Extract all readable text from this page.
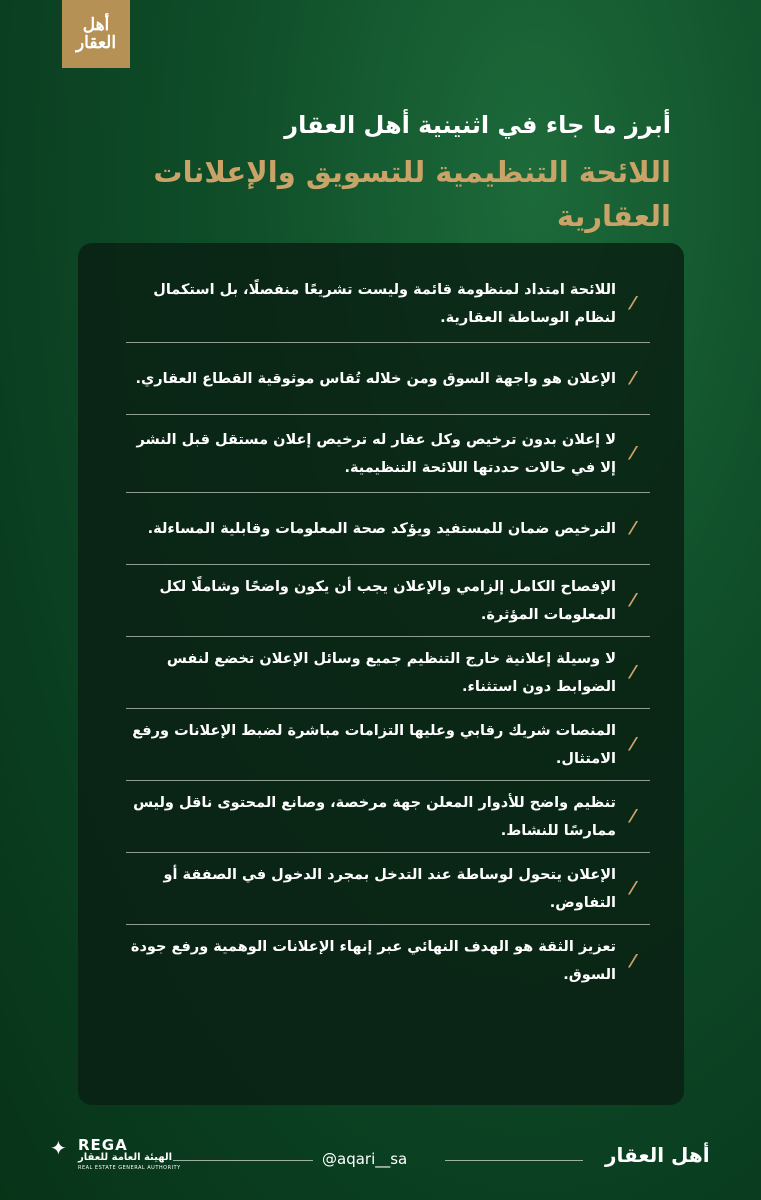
أهل
العقار
أبرز ما جاء في اثنينية أهل العقار
اللائحة التنظيمية للتسويق والإعلانات العقارية
⁄
اللائحة امتداد لمنظومة قائمة وليست تشريعًا منفصلًا، بل استكمال لنظام الوساطة العقارية.
⁄
الإعلان هو واجهة السوق ومن خلاله تُقاس موثوقية القطاع العقاري.
⁄
لا إعلان بدون ترخيص وكل عقار له ترخيص إعلان مستقل قبل النشر إلا في حالات حددتها اللائحة التنظيمية.
⁄
الترخيص ضمان للمستفيد ويؤكد صحة المعلومات وقابلية المساءلة.
⁄
الإفصاح الكامل إلزامي والإعلان يجب أن يكون واضحًا وشاملًا لكل المعلومات المؤثرة.
⁄
لا وسيلة إعلانية خارج التنظيم جميع وسائل الإعلان تخضع لنفس الضوابط دون استثناء.
⁄
المنصات شريك رقابي وعليها التزامات مباشرة لضبط الإعلانات ورفع الامتثال.
⁄
تنظيم واضح للأدوار المعلن جهة مرخصة، وصانع المحتوى ناقل وليس ممارسًا للنشاط.
⁄
الإعلان يتحول لوساطة عند التدخل بمجرد الدخول في الصفقة أو التفاوض.
⁄
تعزيز الثقة هو الهدف النهائي عبر إنهاء الإعلانات الوهمية ورفع جودة السوق.
✦ REGA
الهيئة العامة للعقار
REAL ESTATE GENERAL AUTHORITY	@aqari__sa	أهل العقار
